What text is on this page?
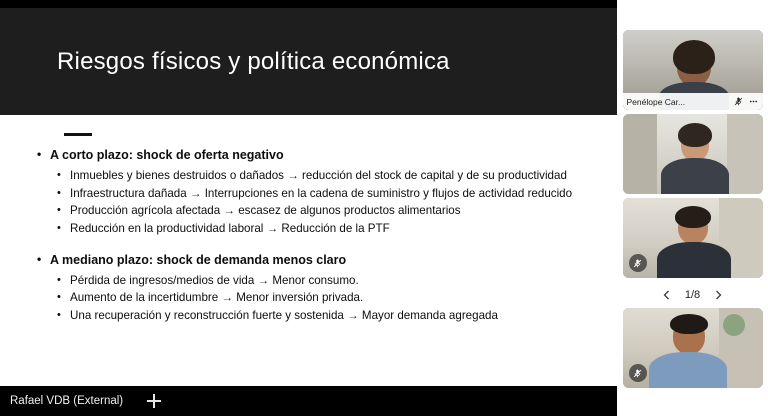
Riesgos físicos y política económica
• A corto plazo: shock de oferta negativo
• Inmuebles y bienes destruidos o dañados → reducción del stock de capital y de su productividad
• Infraestructura dañada → Interrupciones en la cadena de suministro y flujos de actividad reducido
• Producción agrícola afectada → escasez de algunos productos alimentarios
• Reducción en la productividad laboral → Reducción de la PTF
• A mediano plazo: shock de demanda menos claro
• Pérdida de ingresos/medios de vida → Menor consumo.
• Aumento de la incertidumbre → Menor inversión privada.
• Una recuperación y reconstrucción fuerte y sostenida → Mayor demanda agregada
Rafael VDB (External)
Penélope Car...
1/8
